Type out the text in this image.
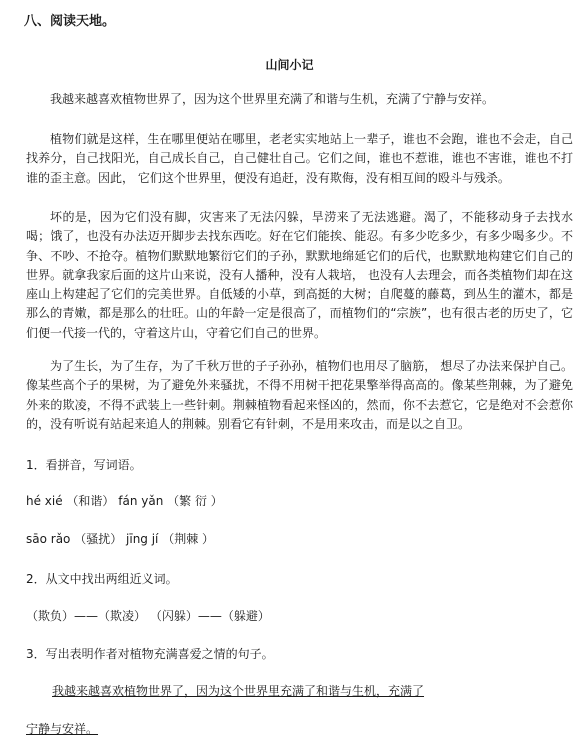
八、阅读天地。
山间小记

我越来越喜欢植物世界了，因为这个世界里充满了和谐与生机，充满了宁静与安祥。

植物们就是这样，生在哪里便站在哪里，老老实实地站上一辈子，谁也不会跑，谁也不会走，自己找养分，自己找阳光，自己成长自己，自己健壮自己。它们之间，谁也不惹谁，谁也不害谁，谁也不打谁的歪主意。因此， 它们这个世界里，便没有追赶，没有欺侮，没有相互间的殴斗与残杀。

坏的是，因为它们没有脚，灾害来了无法闪躲，旱涝来了无法逃避。渴了，不能移动身子去找水喝；饿了，也没有办法迈开脚步去找东西吃。好在它们能挨、能忍。有多少吃多少，有多少喝多少。不争、不吵、不抢夺。植物们默默地繁衍它们的子孙，默默地绵延它们的后代，也默默地构建它们自己的世界。就拿我家后面的这片山来说，没有人播种，没有人栽培， 也没有人去理会，而各类植物们却在这座山上构建起了它们的完美世界。自低矮的小草，到高挺的大树；自爬蔓的藤葛，到丛生的灌木，都是那么的青嫩，都是那么的壮旺。山的年龄一定是很高了，而植物们的“宗族”，也有很古老的历史了，它们便一代接一代的，守着这片山，守着它们自己的世界。

为了生长，为了生存，为了千秋万世的子子孙孙，植物们也用尽了脑筋， 想尽了办法来保护自己。像某些高个子的果树，为了避免外来骚扰，不得不用树干把花果擎举得高高的。像某些荆棘，为了避免外来的欺凌，不得不武装上一些针刺。荆棘植物看起来怪凶的，然而，你不去惹它，它是绝对不会惹你的，没有听说有站起来追人的荆棘。别看它有针刺，不是用来攻击，而是以之自卫。

1．看拼音，写词语。
hé xié （和谐） fán yǎn （繁 衍 ）
sāo rǎo （骚扰） jīng jí （荆棘 ）
2．从文中找出两组近义词。
（欺负）——（欺凌） （闪躲）——（躲避）
3．写出表明作者对植物充满喜爱之情的句子。
我越来越喜欢植物世界了，因为这个世界里充满了和谐与生机，充满了
宁静与安祥。
